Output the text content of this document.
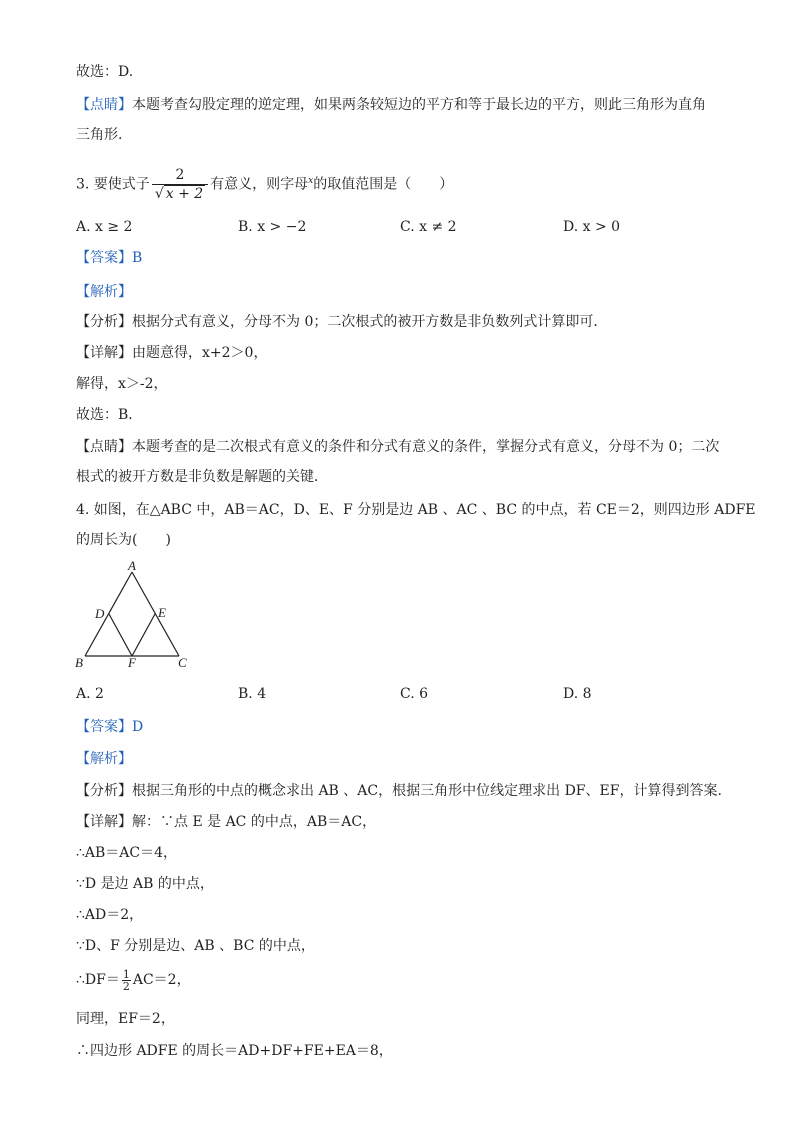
故选：D.
【点睛】本题考查勾股定理的逆定理，如果两条较短边的平方和等于最长边的平方，则此三角形为直角
三角形.
3. 要使式子 $\frac{2}{√ x + 2}$ 有意义，则字母$^x$的取值范围是（　　）
A. x ≥ 2	B. x > −2	C. x ≠ 2	D. x > 0
【答案】B
【解析】
【分析】根据分式有意义，分母不为 0；二次根式的被开方数是非负数列式计算即可．
【详解】由题意得，x+2＞0，
解得，x＞-2，
故选：B．
【点睛】本题考查的是二次根式有意义的条件和分式有意义的条件，掌握分式有意义，分母不为 0；二次
根式的被开方数是非负数是解题的关键．
4. 如图，在△ABC 中，AB＝AC，D、E、F 分别是边 AB 、AC 、BC 的中点，若 CE＝2，则四边形 ADFE
的周长为(　　)
A
D	E
B	F	C
A. 2	B. 4	C. 6	D. 8
【答案】D
【解析】
【分析】根据三角形的中点的概念求出 AB 、AC，根据三角形中位线定理求出 DF、EF，计算得到答案.
【详解】解：∵点 E 是 AC 的中点，AB＝AC，
∴AB＝AC＝4，
∵D 是边 AB 的中点，
∴AD＝2，
∵D、F 分别是边、AB 、BC 的中点，
∴DF＝ $\frac{1}{2} AC=2$，
同理，EF＝2，
∴四边形 ADFE 的周长＝AD+DF+FE+EA＝8，
